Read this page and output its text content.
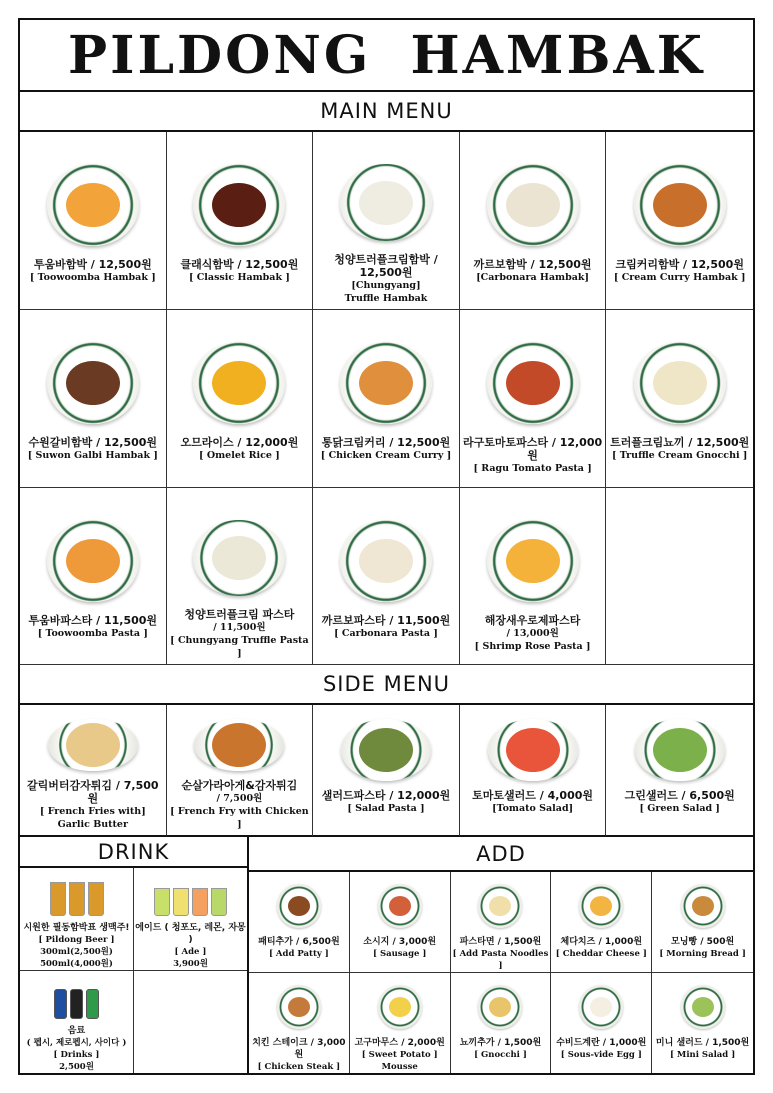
PILDONG HAMBAK
MAIN MENU
투움바함박 / 12,500원
[ Toowoomba Hambak ]
클래식함박 / 12,500원
[ Classic Hambak ]
청양트러플크림함박 / 12,500원
[Chungyang]
Truffle Hambak
까르보함박 / 12,500원
[Carbonara Hambak]
크림커리함박 / 12,500원
[ Cream Curry Hambak ]
수원갈비함박 / 12,500원
[ Suwon Galbi Hambak ]
오므라이스 / 12,000원
[ Omelet Rice ]
통닭크림커리 / 12,500원
[ Chicken Cream Curry ]
라구토마토파스타 / 12,000원
[ Ragu Tomato Pasta ]
트러플크림뇨끼 / 12,500원
[ Truffle Cream Gnocchi ]
투움바파스타 / 11,500원
[ Toowoomba Pasta ]
청양트러플크림 파스타
/ 11,500원
[ Chungyang Truffle Pasta ]
까르보파스타 / 11,500원
[ Carbonara Pasta ]
해장새우로제파스타
/ 13,000원
[ Shrimp Rose Pasta ]
SIDE MENU
갈릭버터감자튀김 / 7,500원
[ French Fries with]
Garlic Butter
순살가라아게&감자튀김
/ 7,500원
[ French Fry with Chicken ]
샐러드파스타 / 12,000원
[ Salad Pasta ]
토마토샐러드 / 4,000원
[Tomato Salad]
그린샐러드 / 6,500원
[ Green Salad ]
DRINK
시원한 필동함박표 생맥주!
[ Pildong Beer ]
300ml(2,500원)
500ml(4,000원)
에이드 ( 청포도, 레몬, 자몽 )
[ Ade ]
3,900원
음료
( 펩시, 제로펩시, 사이다 )
[ Drinks ]
2,500원
ADD
패티추가 / 6,500원
[ Add Patty ]
소시지 / 3,000원
[ Sausage ]
파스타면 / 1,500원
[ Add Pasta Noodles ]
체다치즈 / 1,000원
[ Cheddar Cheese ]
모닝빵 / 500원
[ Morning Bread ]
치킨 스테이크 / 3,000원
[ Chicken Steak ]
고구마무스 / 2,000원
[ Sweet Potato ]
Mousse
뇨끼추가 / 1,500원
[ Gnocchi ]
수비드계란 / 1,000원
[ Sous-vide Egg ]
미니 샐러드 / 1,500원
[ Mini Salad ]
